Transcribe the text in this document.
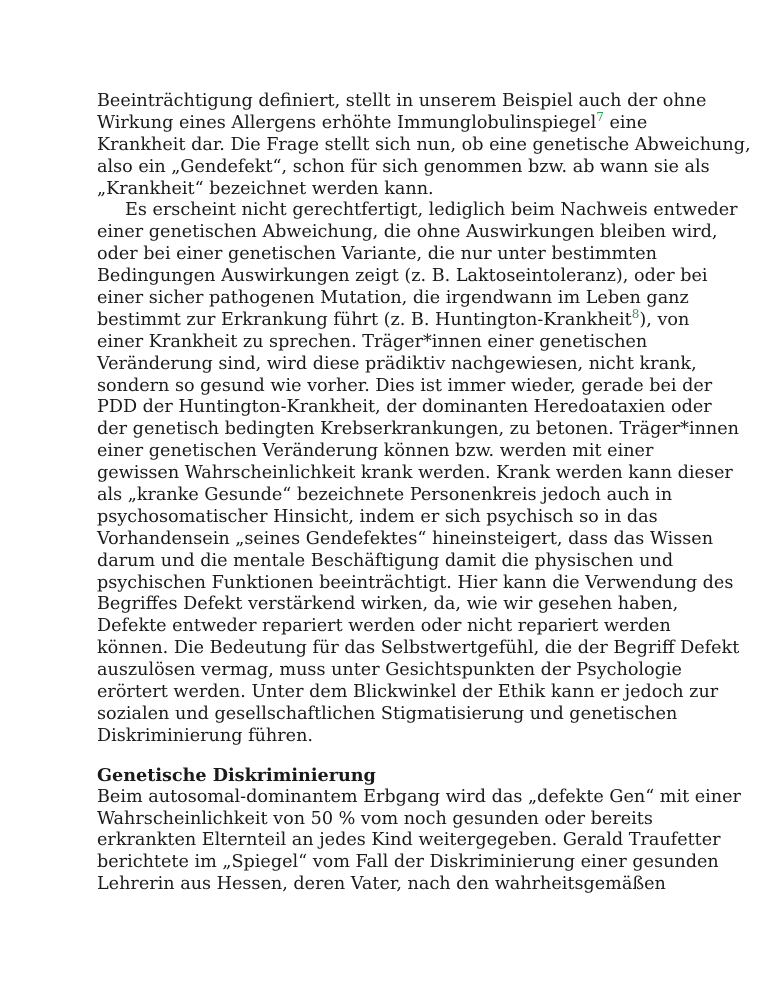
Beeinträchtigung definiert, stellt in unserem Beispiel auch der ohne
Wirkung eines Allergens erhöhte Immunglobulinspiegel$^7$ eine
Krankheit dar. Die Frage stellt sich nun, ob eine genetische Abweichung,
also ein „Gendefekt“, schon für sich genommen bzw. ab wann sie als
„Krankheit“ bezeichnet werden kann.
Es erscheint nicht gerechtfertigt, lediglich beim Nachweis entweder
einer genetischen Abweichung, die ohne Auswirkungen bleiben wird,
oder bei einer genetischen Variante, die nur unter bestimmten
Bedingungen Auswirkungen zeigt (z. B. Laktoseintoleranz), oder bei
einer sicher pathogenen Mutation, die irgendwann im Leben ganz
bestimmt zur Erkrankung führt (z. B. Huntington-Krankheit$^8$), von
einer Krankheit zu sprechen. Träger*innen einer genetischen
Veränderung sind, wird diese prädiktiv nachgewiesen, nicht krank,
sondern so gesund wie vorher. Dies ist immer wieder, gerade bei der
PDD der Huntington-Krankheit, der dominanten Heredoataxien oder
der genetisch bedingten Krebserkrankungen, zu betonen. Träger*innen
einer genetischen Veränderung können bzw. werden mit einer
gewissen Wahrscheinlichkeit krank werden. Krank werden kann dieser
als „kranke Gesunde“ bezeichnete Personenkreis jedoch auch in
psychosomatischer Hinsicht, indem er sich psychisch so in das
Vorhandensein „seines Gendefektes“ hineinsteigert, dass das Wissen
darum und die mentale Beschäftigung damit die physischen und
psychischen Funktionen beeinträchtigt. Hier kann die Verwendung des
Begriffes Defekt verstärkend wirken, da, wie wir gesehen haben,
Defekte entweder repariert werden oder nicht repariert werden
können. Die Bedeutung für das Selbstwertgefühl, die der Begriff Defekt
auszulösen vermag, muss unter Gesichtspunkten der Psychologie
erörtert werden. Unter dem Blickwinkel der Ethik kann er jedoch zur
sozialen und gesellschaftlichen Stigmatisierung und genetischen
Diskriminierung führen.
Genetische Diskriminierung
Beim autosomal-dominantem Erbgang wird das „defekte Gen“ mit einer
Wahrscheinlichkeit von 50 % vom noch gesunden oder bereits
erkrankten Elternteil an jedes Kind weitergegeben. Gerald Traufetter
berichtete im „Spiegel“ vom Fall der Diskriminierung einer gesunden
Lehrerin aus Hessen, deren Vater, nach den wahrheitsgemäßen
